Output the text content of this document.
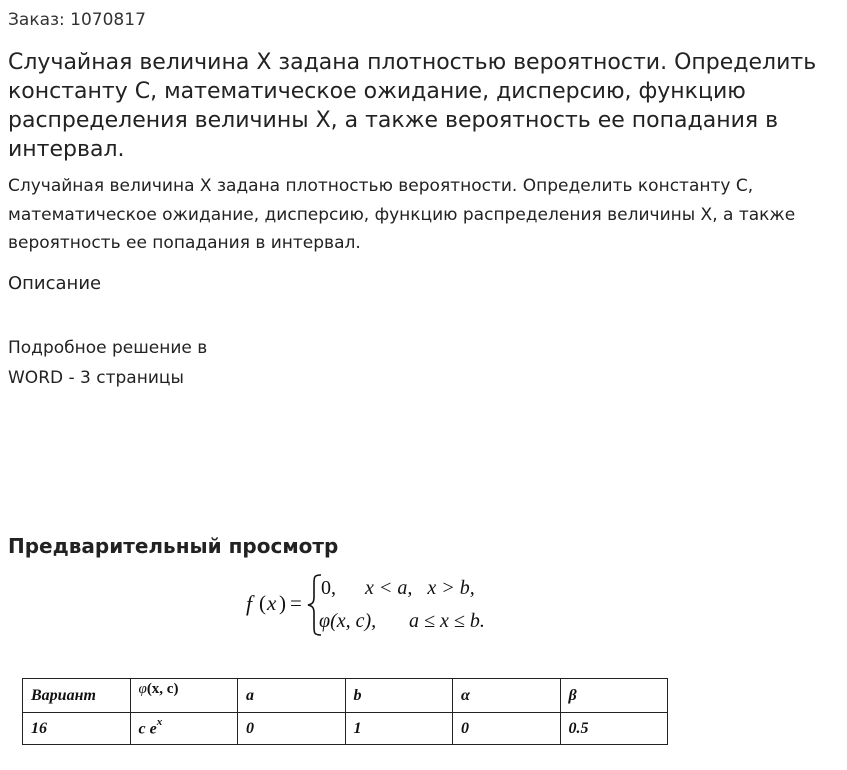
Заказ: 1070817
Случайная величина X задана плотностью вероятности. Определить константу C, математическое ожидание, дисперсию, функцию распределения величины X, а также вероятность ее попадания в интервал.

Случайная величина X задана плотностью вероятности. Определить константу C, математическое ожидание, дисперсию, функцию распределения величины X, а также вероятность ее попадания в интервал.

Описание
Подробное решение в
WORD - 3 страницы
Предварительный просмотр
f ( x ) =
0, x < a,   x > b,
φ(x, c), a ≤ x ≤ b.
Вариант	φ(x, c)	a	b	α	β
16	c $e^x$	0	1	0	0.5
